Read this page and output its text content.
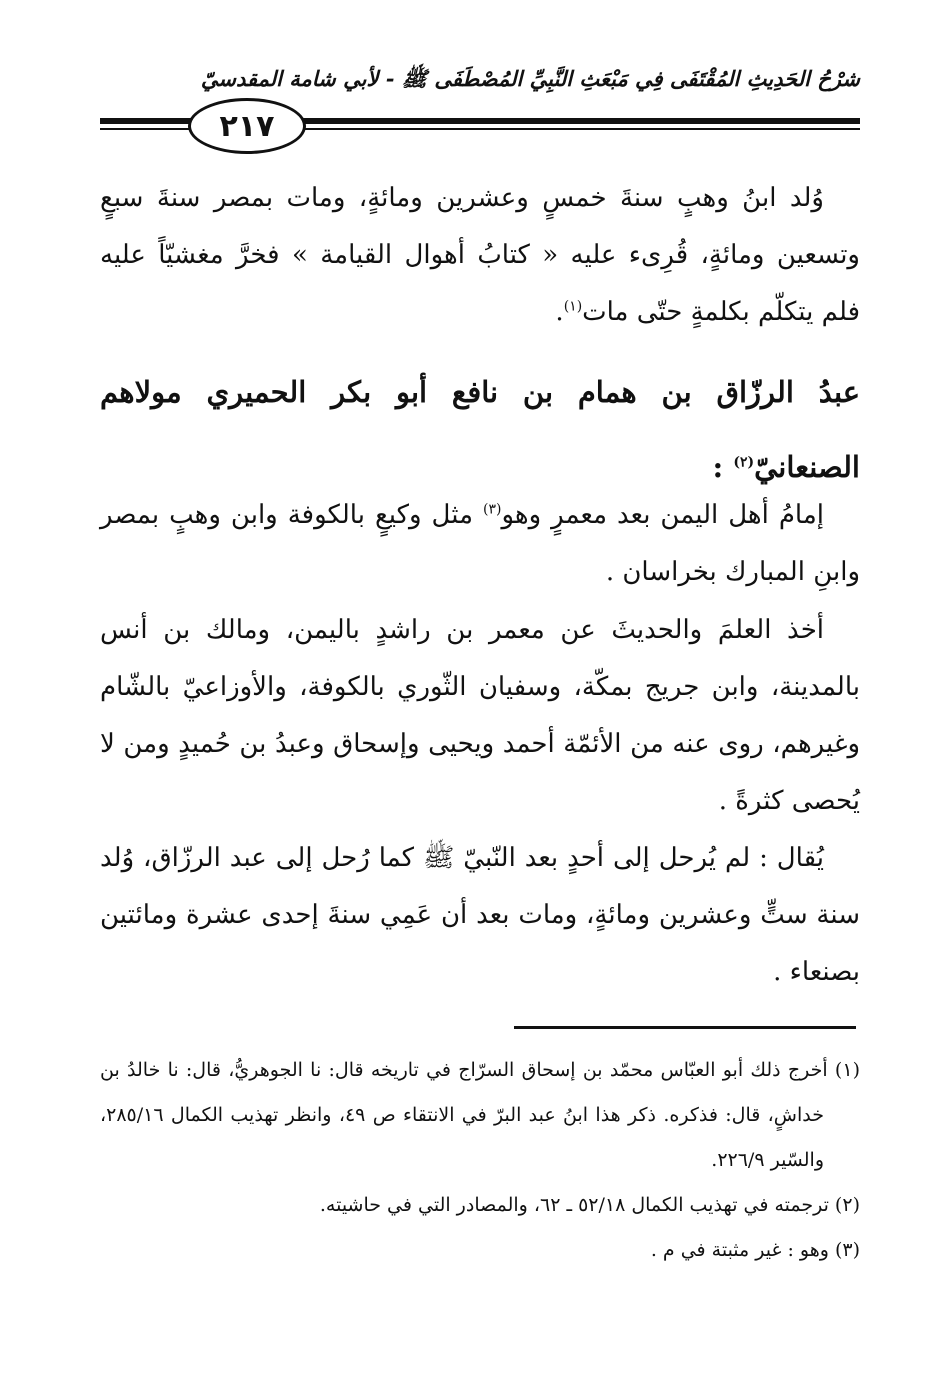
شرْحُ الحَدِيثِ المُقْتَفَى فِي مَبْعَثِ النَّبِيِّ المُصْطَفَى ﷺ - لأبي شامة المقدسيّ
٢١٧
وُلد ابنُ وهبٍ سنةَ خمسٍ وعشرين ومائةٍ، ومات بمصر سنةَ سبعٍ وتسعين ومائةٍ، قُرِىء عليه « كتابُ أهوال القيامة » فخرَّ مغشيّاً عليه فلم يتكلّم بكلمةٍ حتّى مات$^{(١)}$.
عبدُ الرزّاق بن همام بن نافع أبو بكر الحميري مولاهم الصنعانيّ$^{(٢)}$ :
إمامُ أهل اليمن بعد معمرٍ وهو$^{(٣)}$ مثل وكيعٍ بالكوفة وابن وهبٍ بمصر وابنِ المبارك بخراسان .
أخذ العلمَ والحديثَ عن معمر بن راشدٍ باليمن، ومالك بن أنس بالمدينة، وابن جريج بمكّة، وسفيان الثّوري بالكوفة، والأوزاعيّ بالشّام وغيرهم، روى عنه من الأئمّة أحمد ويحيى وإسحاق وعبدُ بن حُميدٍ ومن لا يُحصى كثرةً .
يُقال : لم يُرحل إلى أحدٍ بعد النّبيّ ﷺ كما رُحل إلى عبد الرزّاق، وُلد سنة ستٍّ وعشرين ومائةٍ، ومات بعد أن عَمِي سنةَ إحدى عشرة ومائتين بصنعاء .

(١) أخرج ذلك أبو العبّاس محمّد بن إسحاق السرّاج في تاريخه قال: نا الجوهريُّ، قال: نا خالدُ بن خداشٍ، قال: فذكره. ذكر هذا ابنُ عبد البرّ في الانتقاء ص ٤٩، وانظر تهذيب الكمال ٢٨٥/١٦، والسّير ٢٢٦/٩.

(٢) ترجمته في تهذيب الكمال ٥٢/١٨ ـ ٦٢، والمصادر التي في حاشيته.

(٣) وهو : غير مثبتة في م .
